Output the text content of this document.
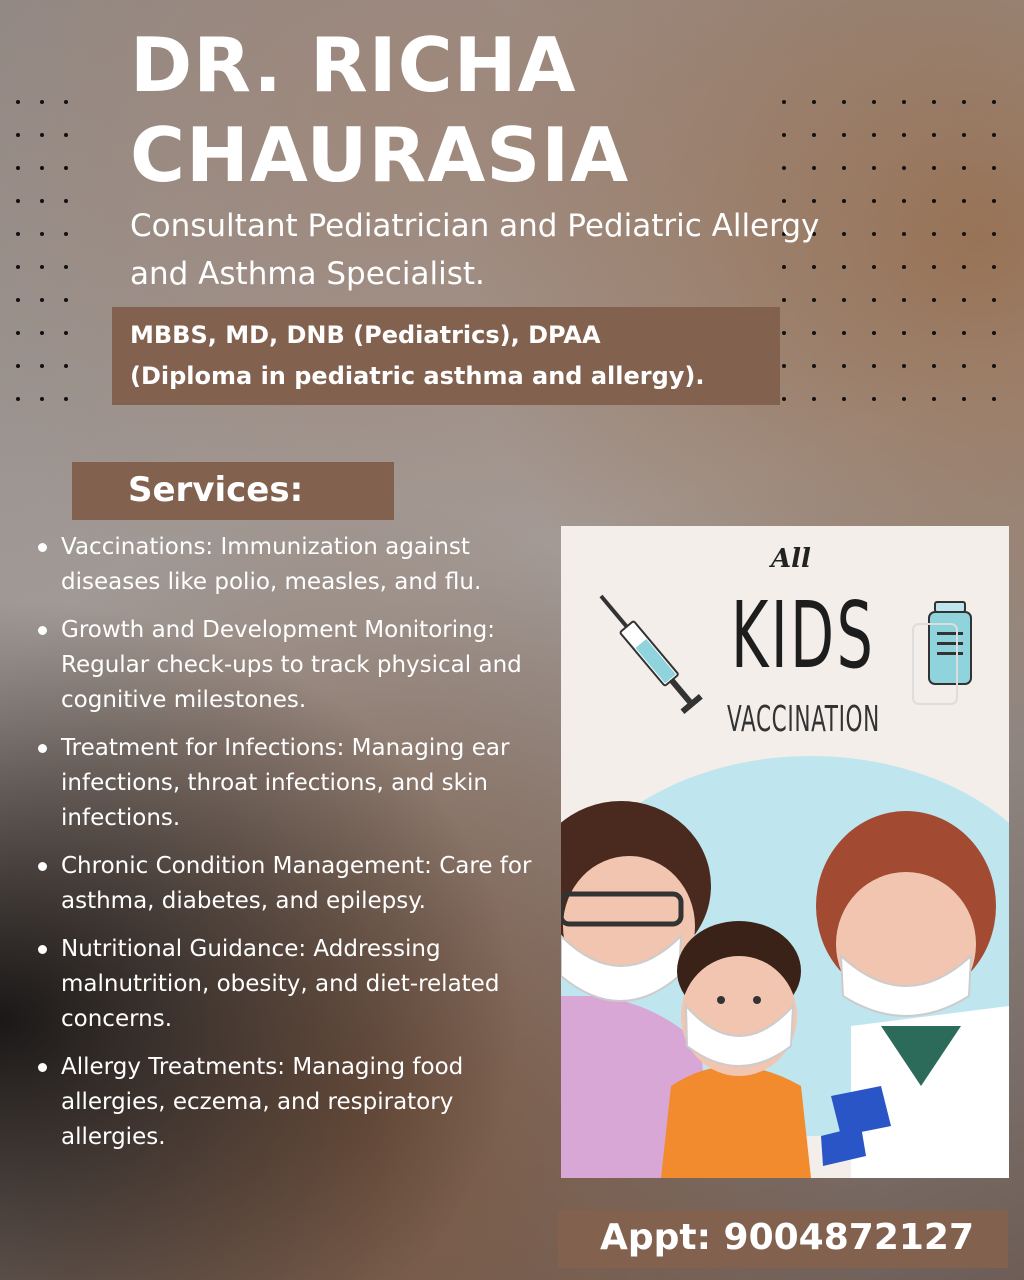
DR. RICHA CHAURASIA

Consultant Pediatrician and Pediatric Allergy and Asthma Specialist.

MBBS, MD, DNB (Pediatrics), DPAA
(Diploma in pediatric asthma and allergy).
Services:
Vaccinations: Immunization against diseases like polio, measles, and flu.
Growth and Development Monitoring: Regular check-ups to track physical and cognitive milestones.
Treatment for Infections: Managing ear infections, throat infections, and skin infections.
Chronic Condition Management: Care for asthma, diabetes, and epilepsy.
Nutritional Guidance: Addressing malnutrition, obesity, and diet-related concerns.
Allergy Treatments: Managing food allergies, eczema, and respiratory allergies.
All
KIDS
VACCINATION
Appt: 9004872127
